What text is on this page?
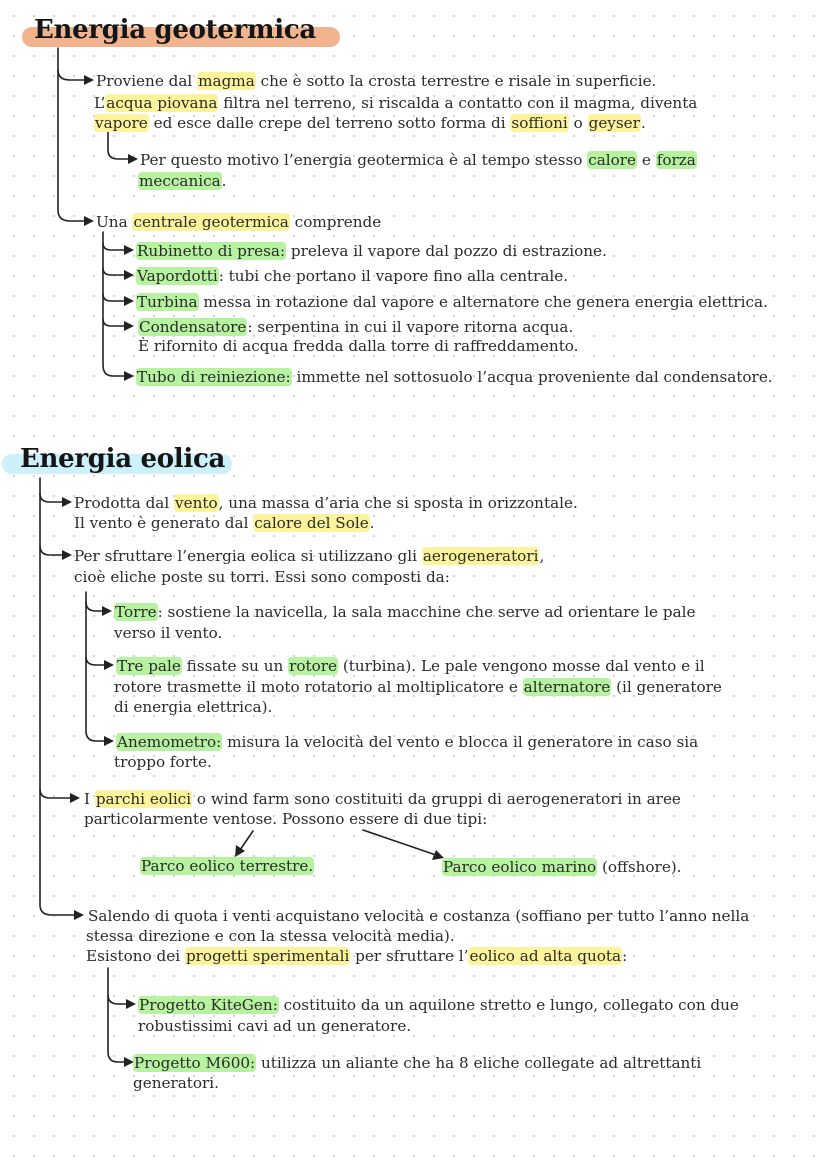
Energia geotermica
Proviene dal magma che è sotto la crosta terrestre e risale in superficie.
L’acqua piovana filtra nel terreno, si riscalda a contatto con il magma, diventa
vapore ed esce dalle crepe del terreno sotto forma di soffioni o geyser.
Per questo motivo l’energia geotermica è al tempo stesso calore e forza
meccanica.
Una centrale geotermica comprende
Rubinetto di presa: preleva il vapore dal pozzo di estrazione.
Vapordotti: tubi che portano il vapore fino alla centrale.
Turbina messa in rotazione dal vapore e alternatore che genera energia elettrica.
Condensatore: serpentina in cui il vapore ritorna acqua.
È rifornito di acqua fredda dalla torre di raffreddamento.
Tubo di reiniezione: immette nel sottosuolo l’acqua proveniente dal condensatore.
Energia eolica
Prodotta dal vento, una massa d’aria che si sposta in orizzontale.
Il vento è generato dal calore del Sole.
Per sfruttare l’energia eolica si utilizzano gli aerogeneratori,
cioè eliche poste su torri. Essi sono composti da:
Torre: sostiene la navicella, la sala macchine che serve ad orientare le pale
verso il vento.
Tre pale fissate su un rotore (turbina). Le pale vengono mosse dal vento e il
rotore trasmette il moto rotatorio al moltiplicatore e alternatore (il generatore
di energia elettrica).
Anemometro: misura la velocità del vento e blocca il generatore in caso sia
troppo forte.
I parchi eolici o wind farm sono costituiti da gruppi di aerogeneratori in aree
particolarmente ventose. Possono essere di due tipi:
Parco eolico terrestre.	Parco eolico marino (offshore).
Salendo di quota i venti acquistano velocità e costanza (soffiano per tutto l’anno nella
stessa direzione e con la stessa velocità media).
Esistono dei progetti sperimentali per sfruttare l’eolico ad alta quota:
Progetto KiteGen: costituito da un aquilone stretto e lungo, collegato con due
robustissimi cavi ad un generatore.
Progetto M600: utilizza un aliante che ha 8 eliche collegate ad altrettanti
generatori.
